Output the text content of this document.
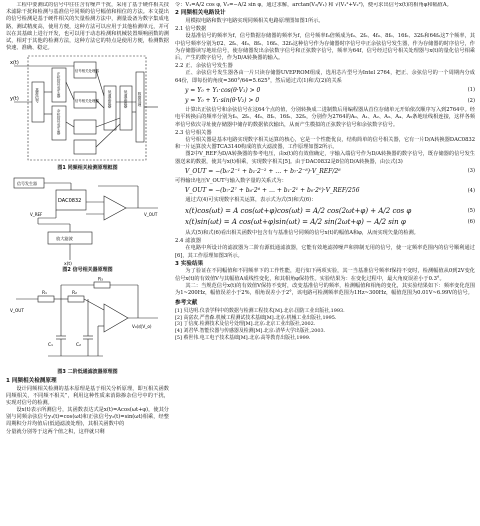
工程中要测试的信号中往往含有噪声干扰，采用了基于硬件相关技术滤除干扰和检测与基准信号同频的信号幅值和相位的方法。本文提出的信号检测是基于硬件相关的矢量检测方法中，测量设备为数字集成电路，测试精度高，使用方便，这种方法可以应用于其他检测单元，并可以在其基础上进行开发，也可以用于动态检测和机械装置频响函数的测试，相对于其他的检测方法，这种方法它的特点是使用方便，检测数据快速、准确、稳定。

x(t)
y(t)	基准信号	正弦信号发生器
余弦信号发生器
信号相关处理器
信号相关处理器	低通滤波器	低通滤波器	数据处理
图1 同频相关检测原理框图
信号发生器
DAC0832
V_REF	V_OUT
放大滤波
x(t)
图2 信号相关器原理图
R₁	R₂
R₃
C₁	C₂
V_OUT
V₀(或V_o)
图3 二阶低通滤波器原理图
1 同频相关检测原理

设计同频相关检测的基本原理是基于相关分析原理，即互相关函数同频相关，不同频不相关”，利用这种性质来消除掺杂信号中的干扰，实现对信号的检测。

设x(t)表示所测信号，其函数表达式是x(t)=Acos(ωt+φ)，使其分别与同频余弦信号y₁(t)=cos(ωt)和正弦信号y₂(t)=sin(ωt)相乘，经整周期积分并均值后(低通滤波处理)，其相关函数中的

分量就分别等于这两个值之积，这样就只剩

令：V₁=A/2 cos φ, V₂=−A/2 sin φ，通过求解，arctan(V₂/V₁) 和 √(V₁²+V₂²)，便可求出信号x(t)的相角φ和幅值A。

2 同频相关电路设计

用模拟电路和数字电路实现同频相关电路原理图如图1所示。

2.1 信号数据

设基准信号的频率为f，信号数据存储器的频率为f，信号频率f₀倍频成为f₀、2f₀、4f₀、8f₀、16f₀、32f₀和64f₀这7个频率，其中信号频率分别为f/2、2f₀、4f₀、8f₀、16f₀、32f₀这种信号作为存储器时序信号中正余弦信号发生器，作为存储器的时序信号，作为存储器读写地址信号，使存储器发出余弦数字信号和正弦数字信号，频率为64f，信号经过信号相关处理器与x(t)的量化信号相乘后，产生的数字信号，作为D/A转换器的输入。

2.2 正、余弦信号发生器

正、余弦信号发生器各由一片只读存储器UVEPROM组成，选用芯片型号为Intel 2764，把正、余弦信号的一个周期内分成64份，即每份的角度=360°/64=5.625°，然后通过式(1)和式(2)的关系

y = Y₀ + Y₁·cos(θ·V₁) > 0	(1)
y = Y₀ + Y₁·sin(θ·V₂) > 0	(2)

计算出正弦信号和余弦信号在这64个点的值，分别转换成二进制数后用编程器从首位存储单元开始依次顺序写入到2764中。经电平转换后的频率分别为f₀、2f₀、4f₀、8f₀、16f₀、32f₀，分别作为2764的A₀、A₁、A₂、A₃、A₄、A₅条地址线相连接，这样各频率信号依次寻址使存储器中储存的数据依次输出，从而产生模拟的正弦数字信号和余弦数字信号。

2.3 信号相关器

信号相关器是基本电路实现数字相关运算的核心，它是一个性能优良，结构简单的信号相关器，它有一片D/A转换器DAC0832和一片运算放大器TCA3140构成的放大滤波器，工作原理如图2所示。

图2中V_REF为D/A转换器的参考电压，由x(t)的有效值确定，字输入端信号作为D/A转换器的数字信号，既存储器的信号发生器送来的数据，使其与x(t)相乘，实现数字相关[5]。由于DAC0832是8位的D/A转换器，由公式(3)

V_OUT = −(b₀·2⁻¹ + b₁·2⁻² + … + b₇·2⁻⁸)·V_REF/2⁸	(3)

可得输出电压V_OUT与输入数字量的关系式为：

V_OUT = −(b₇·2⁷ + b₆·2⁶ + … + b₁·2¹ + b₀·2⁰)·V_REF/256	(4)

通过式(4)可实现数字相关运算，表示式为式(5)和式(6)：

x(t)cos(ωt) = A cos(ωt+φ)cos(ωt) = A/2 cos(2ωt+φ) + A/2 cos φ	(5)
x(t)sin(ωt) = A cos(ωt+φ)sin(ωt) = A/2 sin(2ωt+φ) − A/2 sin φ	(6)

从式(5)和式(6)看出相关函数中包含有与基准信号同频的信号x(t)的幅值A和φ，从而实现矢量的检测。

2.4 滤波器

在电路中所设计的滤波器为二阶有源低通滤波器，它能有效地滤掉噪声和抑制无用的信号，使一定频率范围内的信号顺利通过[6]，其工作原理如图3所示。

3 实验结果

为了验证在不同幅值和不同频率下的工作性能，进行如下两项实验，其一当基准信号频率f保持不变时，检测幅值从0到2V变化信号x(t)的有效值V与其幅值A成线性变化，和其相角φ保持性。实验结果为：在变化过程中，最大角度误差小于0.3°。

其二：当规范信号x(t)的有效值V保持不变时，改变基准信号的频率，检测幅值和相角的变化，其实验结果如下：频率变化范围为1~200Hz，幅值误差小于2%，相角误差小于2°，该电路可检测频率范围为1Hz~300Hz，幅值范围为0.01V~6.99V的信号。

参考文献

[1] 贝达明.仪表学科中的数据与检测工程技术[M].北京:国防工业出版社,1993.

[2] 高富农,严普森.机械工程测试技术基础[M].北京:机械工业出版社,1995.

[3] 丁信度.检测技术及信号处理[M].北京:北京工业出版社,2002.

[4] 刘君华.智能仪器与传感器及检测[M].北京:清华大学出版社,2003.

[5] 蔡世伟.电工电子技术基础[M].北京:高等教育出版社,1999.
